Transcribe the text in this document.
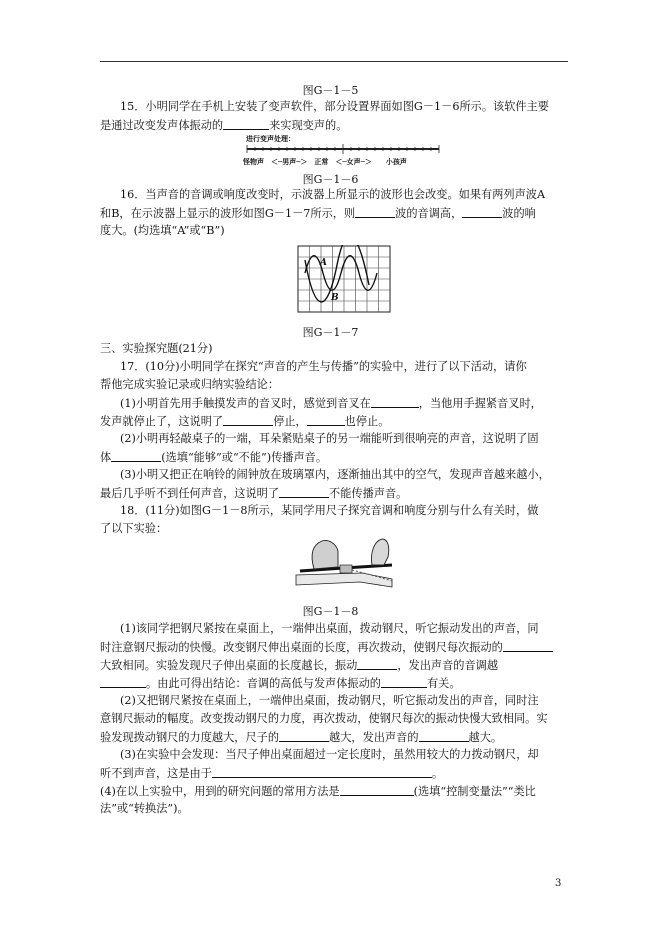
图G－1－5
15．小明同学在手机上安装了变声软件，部分设置界面如图G－1－6所示。该软件主要
是通过改变发声体振动的	来实现变声的。
进行变声处理：
怪物声　＜─男声─＞　正常　＜─女声─＞　　小孩声
图G－1－6
16．当声音的音调或响度改变时，示波器上所显示的波形也会改变。如果有两列声波A
和B，在示波器上显示的波形如图G－1－7所示，则	波的音调高，	波的响
度大。(均选填“A”或“B”)
A
B
图G－1－7
三、实验探究题(21分)
17．(10分)小明同学在探究“声音的产生与传播”的实验中，进行了以下活动，请你
帮他完成实验记录或归纳实验结论：
(1)小明首先用手触摸发声的音叉时，感觉到音叉在	，当他用手握紧音叉时，
发声就停止了，这说明了	停止，	也停止。
(2)小明再轻敲桌子的一端，耳朵紧贴桌子的另一端能听到很响亮的声音，这说明了固
体	(选填“能够”或“不能”)传播声音。
(3)小明又把正在响铃的闹钟放在玻璃罩内，逐渐抽出其中的空气，发现声音越来越小，
最后几乎听不到任何声音，这说明了	不能传播声音。
18．(11分)如图G－1－8所示，某同学用尺子探究音调和响度分别与什么有关时，做
了以下实验：
图G－1－8
(1)该同学把钢尺紧按在桌面上，一端伸出桌面，拨动钢尺，听它振动发出的声音，同
时注意钢尺振动的快慢。改变钢尺伸出桌面的长度，再次拨动，使钢尺每次振动的
大致相同。实验发现尺子伸出桌面的长度越长，振动	，发出声音的音调越
。由此可得出结论：音调的高低与发声体振动的	有关。
(2)又把钢尺紧按在桌面上，一端伸出桌面，拨动钢尺，听它振动发出的声音，同时注
意钢尺振动的幅度。改变拨动钢尺的力度，再次拨动，使钢尺每次的振动快慢大致相同。实
验发现拨动钢尺的力度越大，尺子的	越大，发出声音的	越大。
(3)在实验中会发现：当尺子伸出桌面超过一定长度时，虽然用较大的力拨动钢尺，却
听不到声音，这是由于	。
(4)在以上实验中，用到的研究问题的常用方法是	(选填“控制变量法”“类比
法”或“转换法”)。
3
